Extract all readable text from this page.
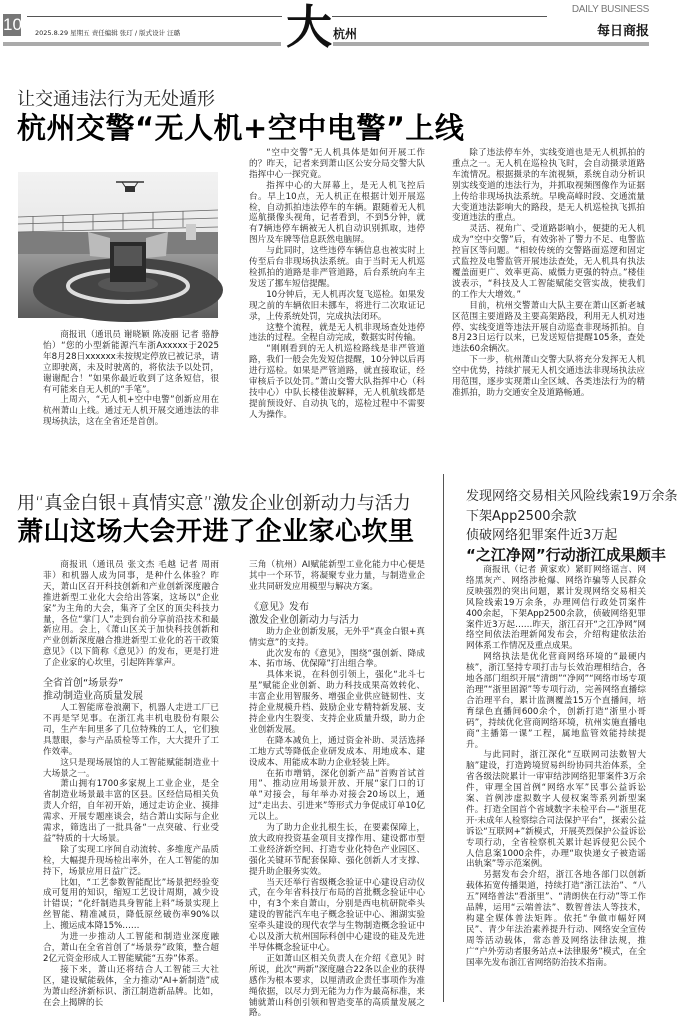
10 2025.8.29 星期五 责任编辑 张玎 / 版式设计 汪璐 大 杭州
DAILY BUSINESS
每日商报
让交通违法行为无处遁形
杭州交警“无人机+空中电警”上线

商报讯（通讯员 谢晓颖 陈凌丽 记者 骆静怡）“您的小型新能源汽车浙Axxxxx于2025年8月28日xxxxxx未按规定停放已被记录，请立即驶离，未及时驶离的，将依法予以处罚，谢谢配合！”如果你最近收到了这条短信，很有可能来自无人机的“手笔”。

上周六，“无人机+空中电警”创新应用在杭州萧山上线。通过无人机开展交通违法的非现场执法，这在全省还是首创。

“空中交警”无人机具体是如何开展工作的？昨天，记者来到萧山区公安分局交警大队指挥中心一探究竟。

指挥中心的大屏幕上，是无人机飞控后台。早上10点，无人机正在根据计划开展巡检，自动抓拍违法停车的车辆。跟随着无人机巡航摄像头视角，记者看到，不到5分钟，就有7辆违停车辆被无人机自动识别抓取，违停图片及车牌等信息跃然电脑屏。

与此同时，这些违停车辆信息也被实时上传至后台非现场执法系统。由于当时无人机巡检抓拍的道路是非严管道路，后台系统向车主发送了挪车短信提醒。

10分钟后，无人机再次复飞巡检。如果发现之前的车辆依旧未挪车，将进行二次取证记录，上传系统处罚，完成执法闭环。

这整个流程，就是无人机非现场查处违停违法的过程。全程自动完成，数据实时传输。

“刚刚看到的无人机巡检路线是非严管道路，我们一般会先发短信提醒，10分钟以后再进行巡检。如果是严管道路，就直接取证，经审核后予以处罚。”萧山交警大队指挥中心（科技中心）中队长楼佳波解释，无人机航线都是提前预设好、自动执飞的，巡检过程中不需要人为操作。

除了违法停车外，实线变道也是无人机抓拍的重点之一。无人机在巡检执飞时，会自动摄录道路车流情况。根据摄录的车流视频，系统自动分析识别实线变道的违法行为，并抓取视频图像作为证据上传给非现场执法系统。早晚高峰时段、交通流量大变道违法影响大的路段，是无人机巡检执飞抓拍变道违法的重点。

灵活、视角广、受道路影响小，便捷的无人机成为“空中交警”后，有效弥补了警力不足、电警监控盲区等问题。“相较传统的交警路面巡逻和固定式监控及电警监管开展违法查处，无人机具有执法覆盖面更广、效率更高、威慑力更强的特点。”楼佳波表示，“科技及人工智能赋能交管实战，使我们的工作大大增效。”

目前，杭州交警萧山大队主要在萧山区新老城区范围主要道路及主要高架路段，利用无人机对违停、实线变道等违法开展自动巡查非现场抓拍。自8月23日运行以来，已发送短信提醒105条，查处违法60余辆次。

下一步，杭州萧山交警大队将充分发挥无人机空中优势，持续扩展无人机交通违法非现场执法应用范围，逐步实现萧山全区域、各类违法行为的精准抓拍，助力交通安全及道路畅通。

用“真金白银+真情实意”激发企业创新动力与活力
萧山这场大会开进了企业家心坎里

商报讯（通讯员 张文杰 毛越 记者 周雨菲）和机器人成为同事，是种什么体验？昨天，萧山区召开科技创新和产业创新深度融合推进新型工业化大会给出答案，这场以“企业家”为主角的大会，集齐了全区的顶尖科技力量，各位“掌门人”走到台前分享前沿技术和最新应用。会上，《萧山区关于加快科技创新和产业创新深度融合推进新型工业化的若干政策意见》（以下简称《意见》）的发布，更是打进了企业家的心坎里，引起阵阵掌声。

全省首创“场景券”

推动制造业高质量发展

人工智能席卷浪潮下，机器人走进工厂已不再是罕见事。在浙江兆丰机电股份有限公司，生产车间里多了几位特殊的工人，它们独具慧眼，参与产品质检等工作，大大提升了工作效率。

这只是现场展馆的人工智能赋能制造业十大场景之一。

萧山拥有1700多家规上工业企业，是全省制造业场景最丰富的区县。区经信局相关负责人介绍，自年初开始，通过走访企业、摸排需求、开展专题座谈会，结合萧山实际与企业需求，筛选出了一批具备“一点突破、行业受益”特质的十大场景。

除了实现工序间自动流转、多维度产品质检，大幅提升现场检出率外，在人工智能的加持下，场景应用日益广泛。

比如，“工艺参数智能配比”场景把经验变成可复用的知识，缩短工艺设计周期，减少设计错误；“化纤制造具身智能上料”场景实现上丝智能、精准减员，降低原丝破伤率90%以上、搬运成本降15%……

为进一步推动人工智能和制造业深度融合，萧山在全省首创了“场景券”政策，整合超2亿元资金形成人工智能赋能“五券”体系。

接下来，萧山还将结合人工智能三大社区，建设赋能载体，全力推动“AI+新制造”成为萧山经济新标识、浙江制造新品牌。比如，在会上揭牌的长

三角（杭州）AI赋能新型工业化能力中心便是其中一个环节，将凝聚专业力量，与制造业企业共同研发应用模型与解决方案。

《意见》发布

激发企业创新动力与活力

助力企业创新发展，无外乎“真金白银+真情实意”的支持。

此次发布的《意见》，围绕“强创新、降成本、拓市场、优保障”打出组合拳。

具体来说，在科创引领上，强化“北斗七星”赋能企业创新、助力科技成果高效转化、丰富企业用智服务、增强企业供应链韧性、支持企业规模升档、鼓励企业专精特新发展、支持企业内生裂变、支持企业质量升级，助力企业创新发展。

在降本减负上，通过资金补助、灵活选择工地方式等降低企业研发成本、用地成本、建设成本、用能成本助力企业轻装上阵。

在拓市增销，深化创新产品“首购首试首用”、推动应用场景开放、开展“家门口的订单”对接会，每年举办对接会20场以上，通过“走出去、引进来”等形式力争促成订单10亿元以上。

为了助力企业扎根生长，在要素保障上，放大政府投资基金项目支撑作用、建设都市型工业经济新空间、打造专业化特色产业园区、强化关键环节配套保障、强化创新人才支撑、提升助企服务实效。

当天还举行省级概念验证中心建设启动仪式，在今年省科技厅布局的首批概念验证中心中，有3个来自萧山，分别是西电杭研院牵头建设的智能汽车电子概念验证中心、湘湖实验室牵头建设的现代农学与生物制造概念验证中心以及浙大杭州国际科创中心建设的硅及先进半导体概念验证中心。

正如萧山区相关负责人在介绍《意见》时所说，此次“两新”深度融合22条以企业的获得感作为根本要求，以厘清政企责任事项作为准绳依据，以尽力到无能为力作为最高标准，来铺就萧山科创引领和智造变革的高质量发展之路。

发现网络交易相关风险线索19万余条
下架App2500余款
侦破网络犯罪案件近3万起
“之江净网”行动浙江成果颇丰

商报讯（记者 黄家欢）紧盯网络谣言、网络黑灰产、网络涉枪爆、网络诈骗等人民群众反映强烈的突出问题，累计发现网络交易相关风险线索19万余条，办理网信行政处罚案件400余起，下架App2500余款，侦破网络犯罪案件近3万起……昨天，浙江召开“之江净网”网络空间依法治理新闻发布会，介绍构建依法治网体系工作情况及重点成果。

网络执法是优化营商网络环境的“最硬内核”，浙江坚持专项打击与长效治理相结合，各地各部门组织开展“清朗”“净网”“网络市场专项治理”“浙里固源”等专项行动，完善网络直播综合治理平台，累计监测覆盖15万个直播间，培育绿色直播间600余个，创新打造“浙里小哥码”，持续优化营商网络环境，杭州实施直播电商“主播第一课”工程，属地监管效能持续提升。

与此同时，浙江深化“互联网司法数智大脑”建设，打造跨境贸易纠纷协同共治体系，全省各级法院累计一审审结涉网络犯罪案件3万余件，审理全国首例“网络水军”民事公益诉讼案、首例涉虚拟数字人侵权案等系列新型案件。打造全国首个省域数字未检平台—“浙里花开·未成年人检察综合司法保护平台”，探索公益诉讼“互联网+”新模式，开展英烈保护公益诉讼专项行动，全省检察机关累计起诉侵犯公民个人信息案1000余件，办理“取快递女子被造谣出轨案”等示范案例。

另据发布会介绍，浙江各地各部门以创新载体拓宽传播渠道，持续打造“浙江法治”、“八五”网络普法“看浙里”、“清朗侠在行动”等工作品牌，运用“云端普法”、数智普法人等技术，构建全媒体普法矩阵。依托“争做市幅好网民”、青少年法治素养提升行动、网络安全宣传周等活动载体，常态普及网络法律法规，推广“户外劳动者服务站点+法律服务”模式，在全国率先发布浙江省网络防治技术指南。
